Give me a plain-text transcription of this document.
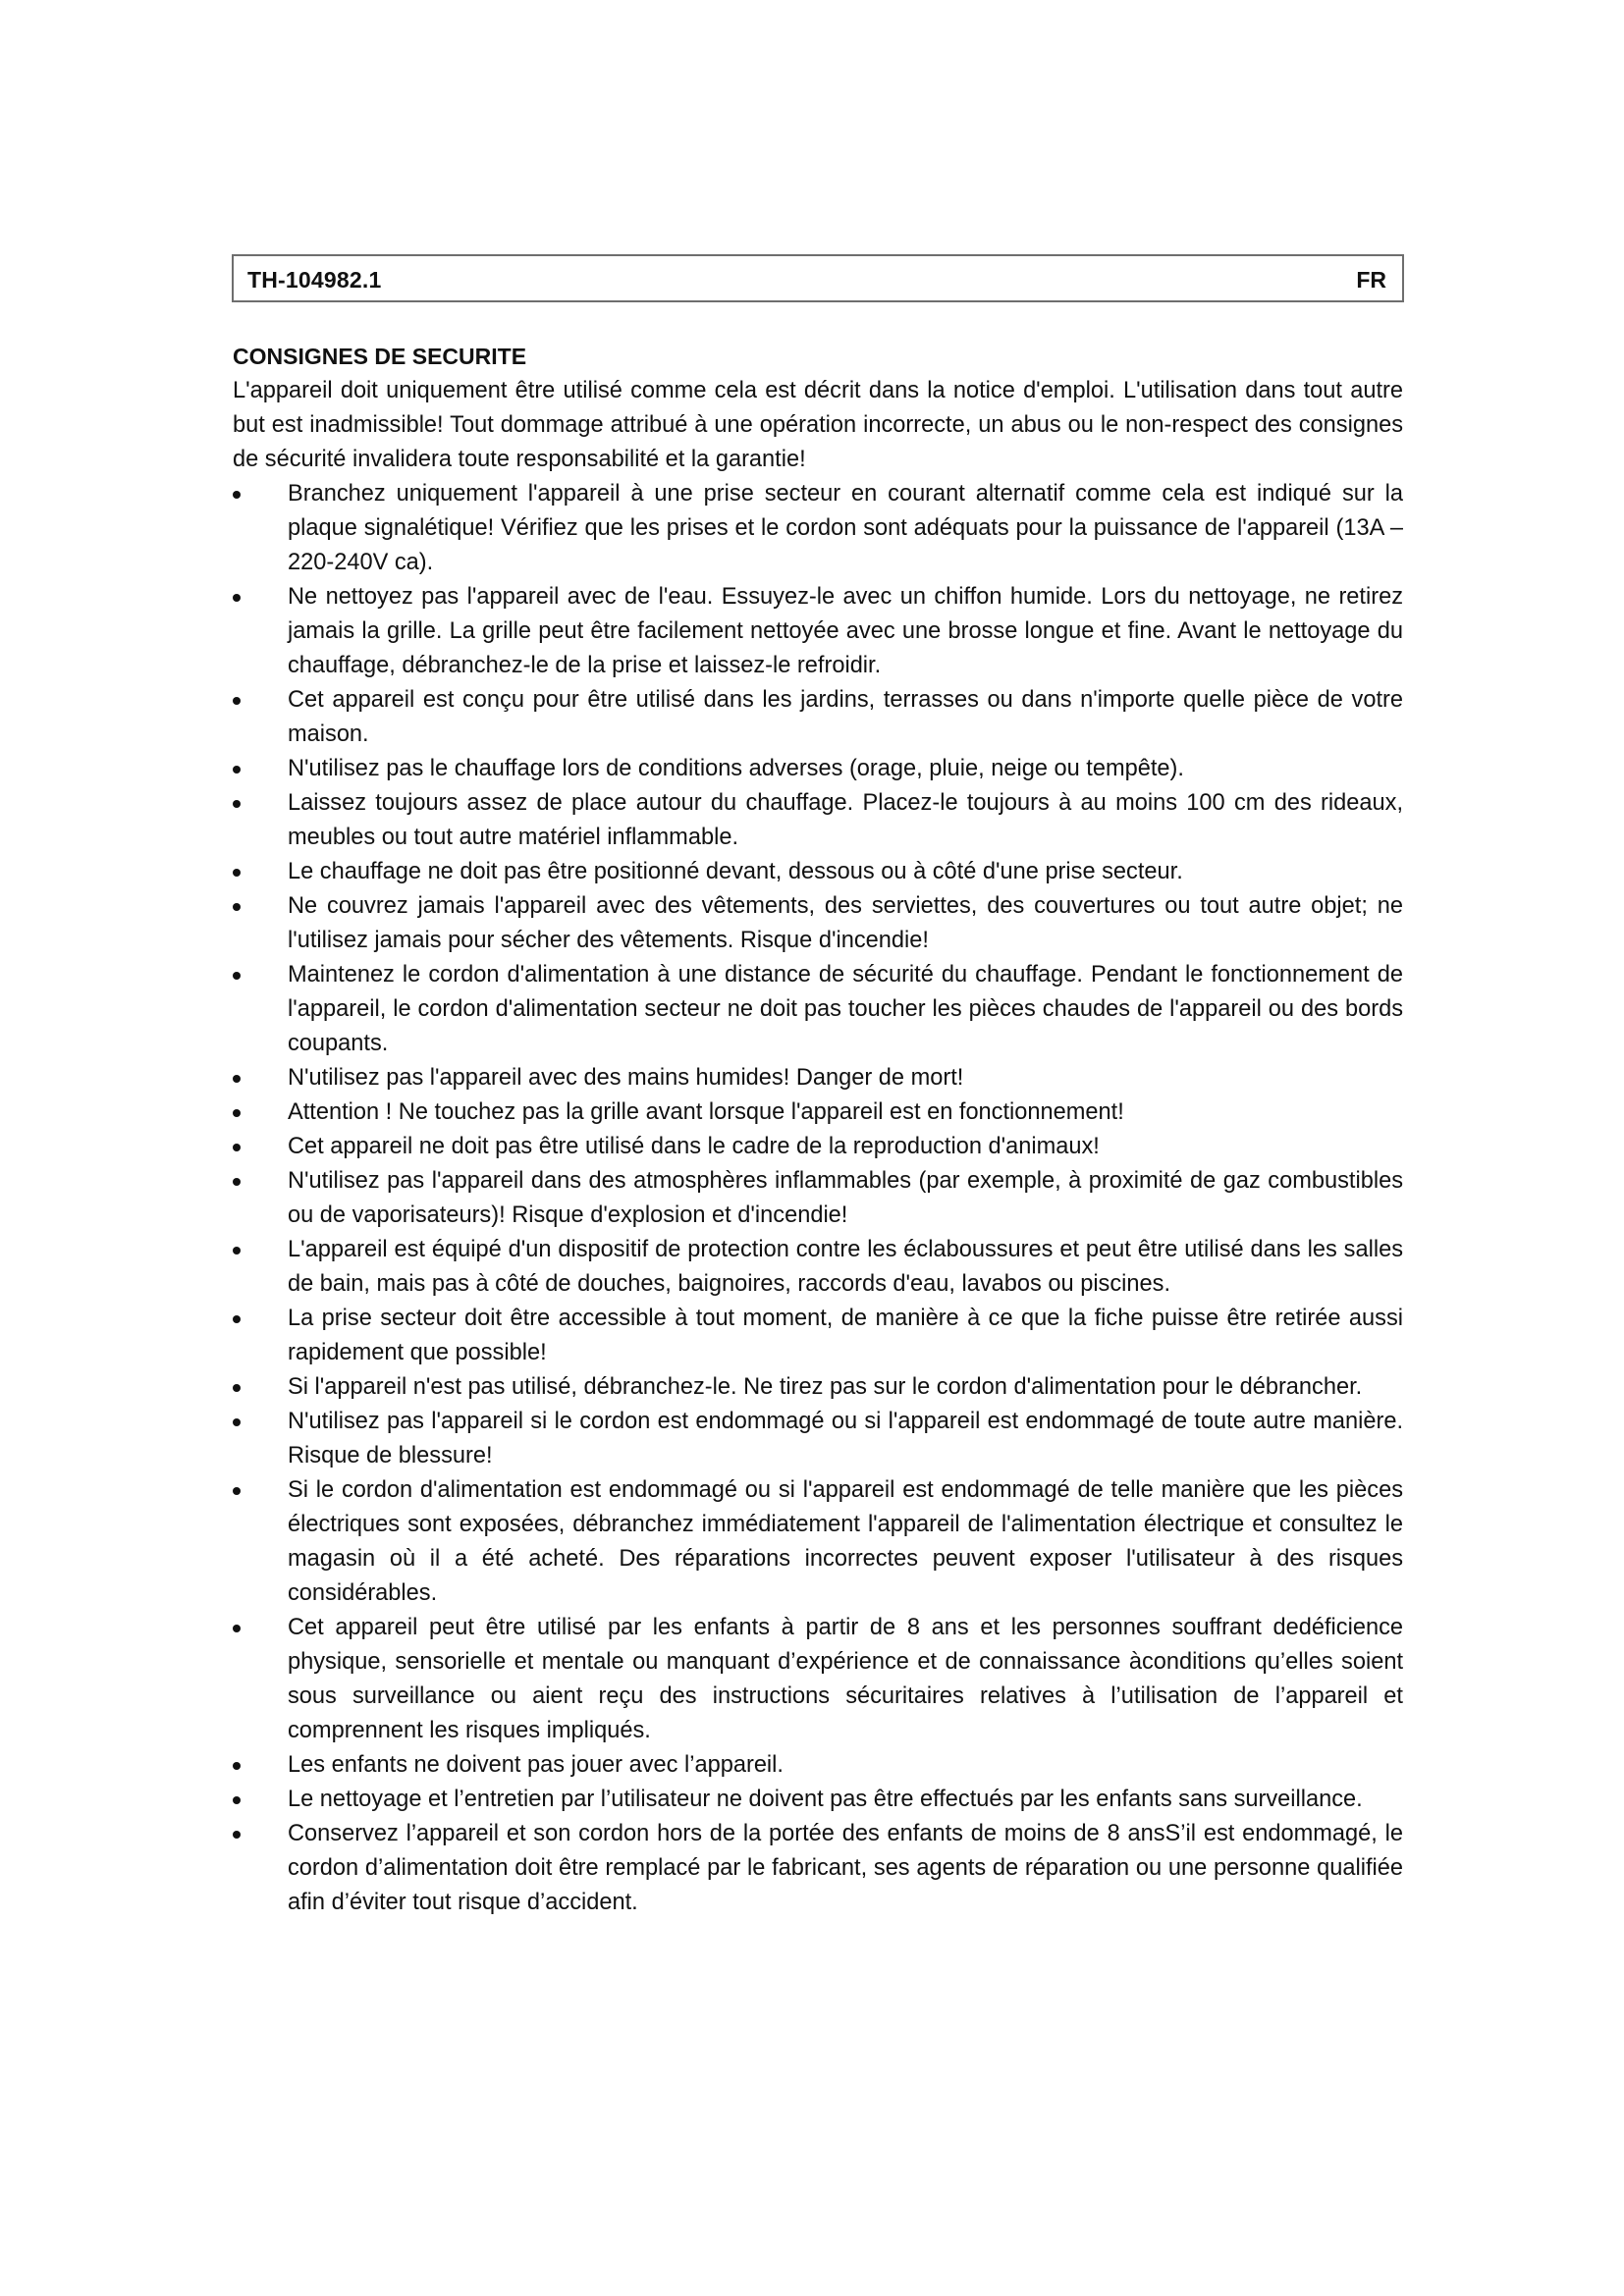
TH-104982.1	FR

CONSIGNES DE SECURITE

L'appareil doit uniquement être utilisé comme cela est décrit dans la notice d'emploi. L'utilisation dans tout autre but est inadmissible! Tout dommage attribué à une opération incorrecte, un abus ou le non-respect des consignes de sécurité invalidera toute responsabilité et la garantie!

Branchez uniquement l'appareil à une prise secteur en courant alternatif comme cela est indiqué sur la plaque signalétique! Vérifiez que les prises et le cordon sont adéquats pour la puissance de l'appareil (13A – 220-240V ca).
Ne nettoyez pas l'appareil avec de l'eau. Essuyez-le avec un chiffon humide. Lors du nettoyage, ne retirez jamais la grille. La grille peut être facilement nettoyée avec une brosse longue et fine. Avant le nettoyage du chauffage, débranchez-le de la prise et laissez-le refroidir.
Cet appareil est conçu pour être utilisé dans les jardins, terrasses ou dans n'importe quelle pièce de votre maison.
N'utilisez pas le chauffage lors de conditions adverses (orage, pluie, neige ou tempête).
Laissez toujours assez de place autour du chauffage. Placez-le toujours à au moins 100 cm des rideaux, meubles ou tout autre matériel inflammable.
Le chauffage ne doit pas être positionné devant, dessous ou à côté d'une prise secteur.
Ne couvrez jamais l'appareil avec des vêtements, des serviettes, des couvertures ou tout autre objet; ne l'utilisez jamais pour sécher des vêtements. Risque d'incendie!
Maintenez le cordon d'alimentation à une distance de sécurité du chauffage. Pendant le fonctionnement de l'appareil, le cordon d'alimentation secteur ne doit pas toucher les pièces chaudes de l'appareil ou des bords coupants.
N'utilisez pas l'appareil avec des mains humides! Danger de mort!
Attention ! Ne touchez pas la grille avant lorsque l'appareil est en fonctionnement!
Cet appareil ne doit pas être utilisé dans le cadre de la reproduction d'animaux!
N'utilisez pas l'appareil dans des atmosphères inflammables (par exemple, à proximité de gaz combustibles ou de vaporisateurs)! Risque d'explosion et d'incendie!
L'appareil est équipé d'un dispositif de protection contre les éclaboussures et peut être utilisé dans les salles de bain, mais pas à côté de douches, baignoires, raccords d'eau, lavabos ou piscines.
La prise secteur doit être accessible à tout moment, de manière à ce que la fiche puisse être retirée aussi rapidement que possible!
Si l'appareil n'est pas utilisé, débranchez-le. Ne tirez pas sur le cordon d'alimentation pour le débrancher.
N'utilisez pas l'appareil si le cordon est endommagé ou si l'appareil est endommagé de toute autre manière. Risque de blessure!
Si le cordon d'alimentation est endommagé ou si l'appareil est endommagé de telle manière que les pièces électriques sont exposées, débranchez immédiatement l'appareil de l'alimentation électrique et consultez le magasin où il a été acheté. Des réparations incorrectes peuvent exposer l'utilisateur à des risques considérables.
Cet appareil peut être utilisé par les enfants à partir de 8 ans et les personnes souffrant dedéficience physique, sensorielle et mentale ou manquant d’expérience et de connaissance àconditions qu’elles soient sous surveillance ou aient reçu des instructions sécuritaires relatives à l’utilisation de l’appareil et comprennent les risques impliqués.
Les enfants ne doivent pas jouer avec l’appareil.
Le nettoyage et l’entretien par l’utilisateur ne doivent pas être effectués par les enfants sans surveillance.
Conservez l’appareil et son cordon hors de la portée des enfants de moins de 8 ansS’il est endommagé, le cordon d’alimentation doit être remplacé par le fabricant, ses agents de réparation ou une personne qualifiée afin d’éviter tout risque d’accident.
